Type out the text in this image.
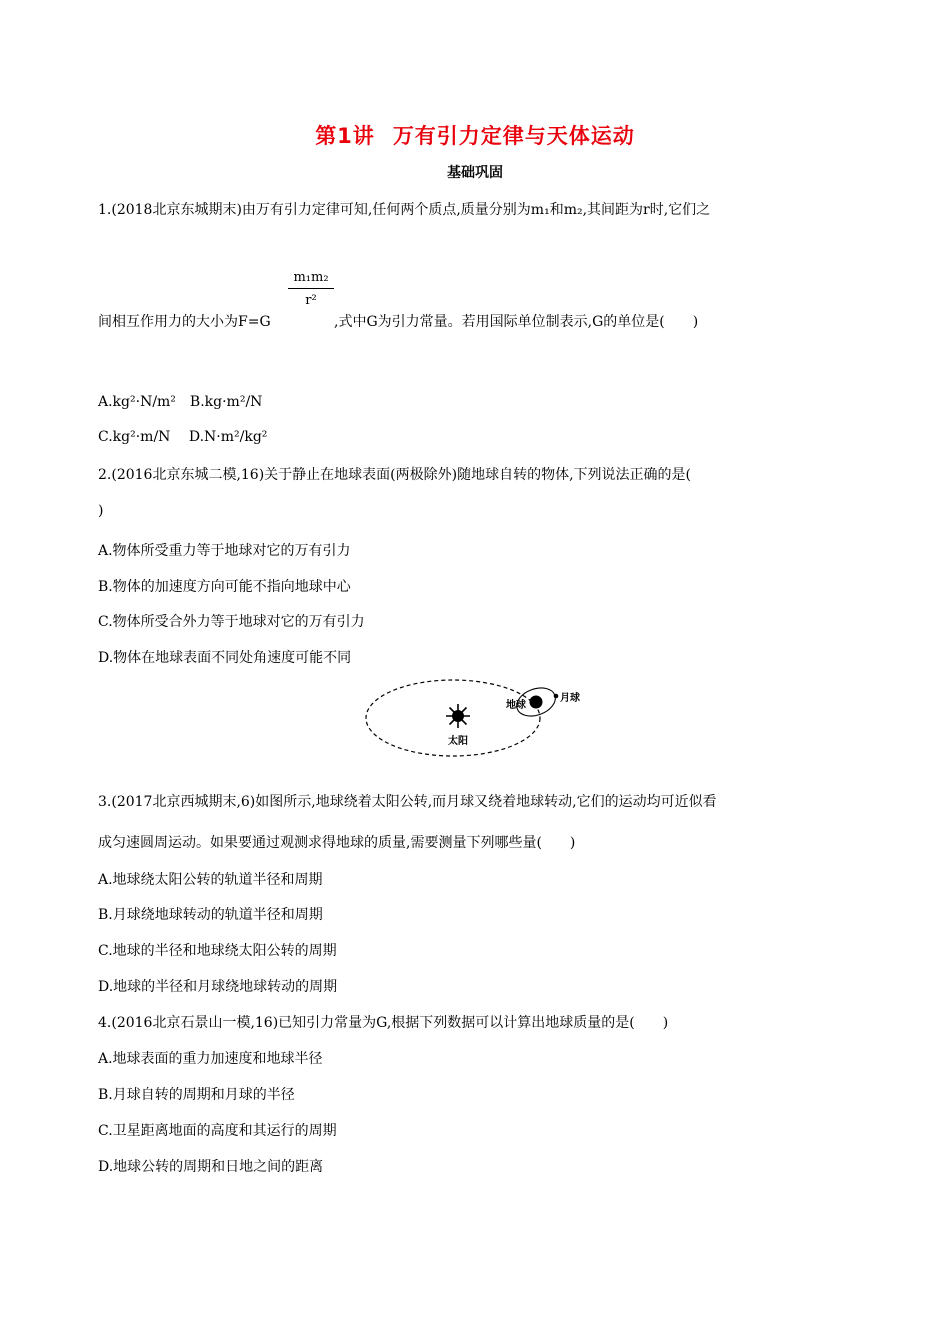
第1讲 万有引力定律与天体运动
基础巩固
1.(2018北京东城期末)由万有引力定律可知,任何两个质点,质量分别为m₁和m₂,其间距为r时,它们之
$\frac{\text{m₁m₂}}{\text{r²}}$
间相互作用力的大小为F=G	,式中G为引力常量。若用国际单位制表示,G的单位是(　　)
A.kg²·N/m²　B.kg·m²/N
C.kg²·m/N　 D.N·m²/kg²
2.(2016北京东城二模,16)关于静止在地球表面(两极除外)随地球自转的物体,下列说法正确的是(
)
A.物体所受重力等于地球对它的万有引力
B.物体的加速度方向可能不指向地球中心
C.物体所受合外力等于地球对它的万有引力
D.物体在地球表面不同处角速度可能不同
太阳
地球
月球
3.(2017北京西城期末,6)如图所示,地球绕着太阳公转,而月球又绕着地球转动,它们的运动均可近似看
成匀速圆周运动。如果要通过观测求得地球的质量,需要测量下列哪些量(　　)
A.地球绕太阳公转的轨道半径和周期
B.月球绕地球转动的轨道半径和周期
C.地球的半径和地球绕太阳公转的周期
D.地球的半径和月球绕地球转动的周期
4.(2016北京石景山一模,16)已知引力常量为G,根据下列数据可以计算出地球质量的是(　　)
A.地球表面的重力加速度和地球半径
B.月球自转的周期和月球的半径
C.卫星距离地面的高度和其运行的周期
D.地球公转的周期和日地之间的距离
